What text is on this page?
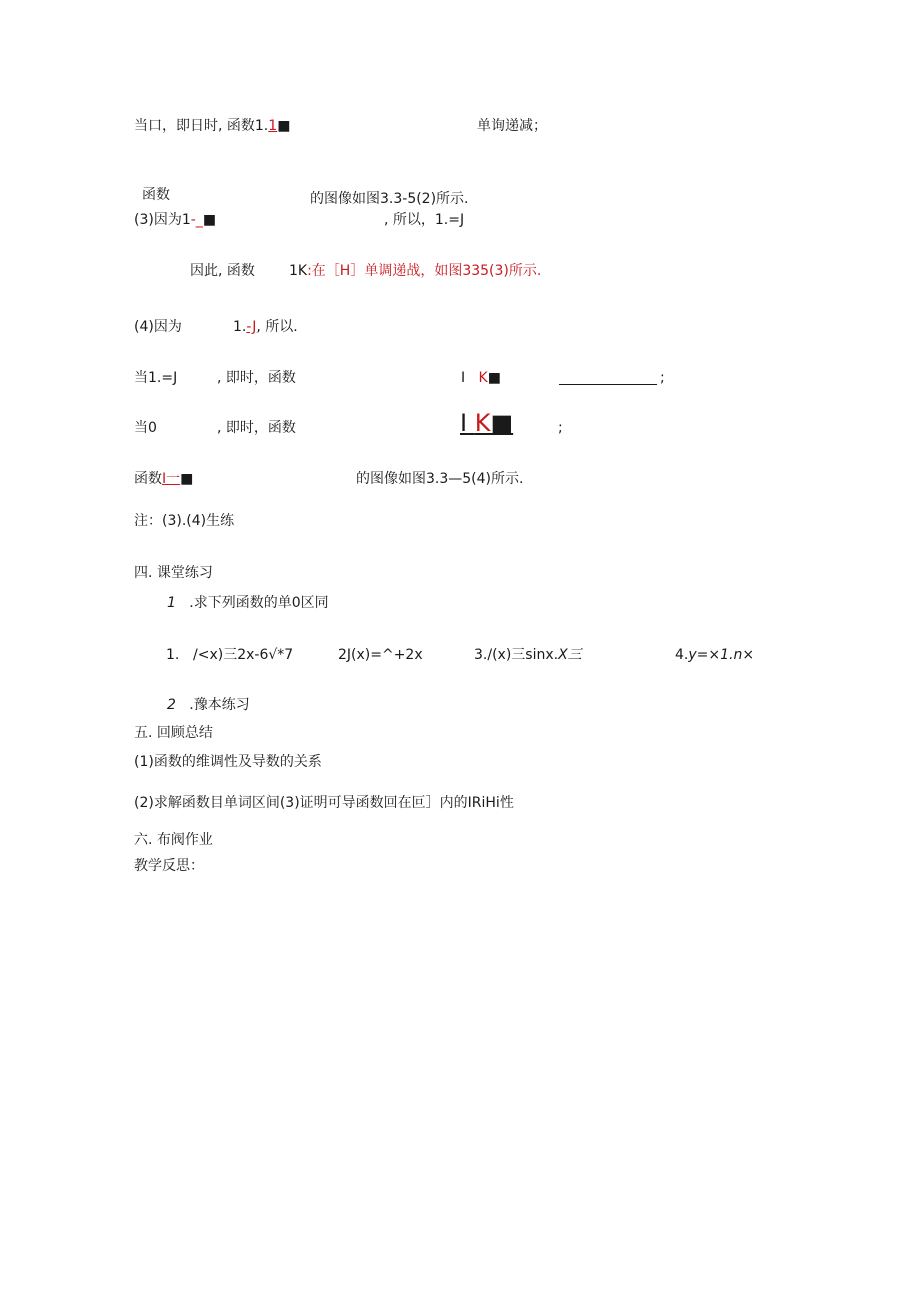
当口，即日时, 函数1.1■	单询递减；
函数	的图像如图3.3-5(2)所示.
(3)因为1-_■	, 所以，1.=J
因此, 函数 1K:在［H］单调递战，如图335(3)所示.
(4)因为	1.-J, 所以.
当1.=J	, 即时，函数	I K■	;
当0	, 即时，函数	I K■	;
函数I一■	的图像如图3.3—5(4)所示.
注：(3).(4)生练
四. 课堂练习
1 .求下列函数的单0区同
1. /<x)三2x-6√*7	2J(x)=^+2x	3./(x)三sinx.X三	4.y=×1.n×
2 .豫本练习
五. 回顾总结
(1)函数的维调性及导数的关系
(2)求解函数目单词区间(3)证明可导函数回在叵］内的IRiHi性
六. 布阀作业
教学反思：
